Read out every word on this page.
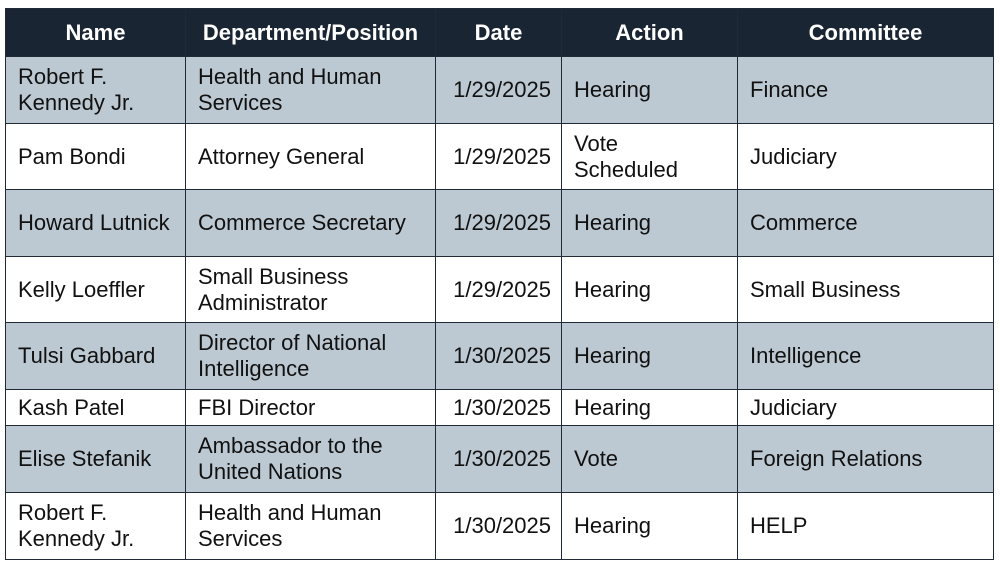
Name	Department/Position	Date	Action	Committee
Robert F. Kennedy Jr.	Health and Human Services	1/29/2025	Hearing	Finance
Pam Bondi	Attorney General	1/29/2025	Vote Scheduled	Judiciary
Howard Lutnick	Commerce Secretary	1/29/2025	Hearing	Commerce
Kelly Loeffler	Small Business Administrator	1/29/2025	Hearing	Small Business
Tulsi Gabbard	Director of National Intelligence	1/30/2025	Hearing	Intelligence
Kash Patel	FBI Director	1/30/2025	Hearing	Judiciary
Elise Stefanik	Ambassador to the United Nations	1/30/2025	Vote	Foreign Relations
Robert F. Kennedy Jr.	Health and Human Services	1/30/2025	Hearing	HELP
